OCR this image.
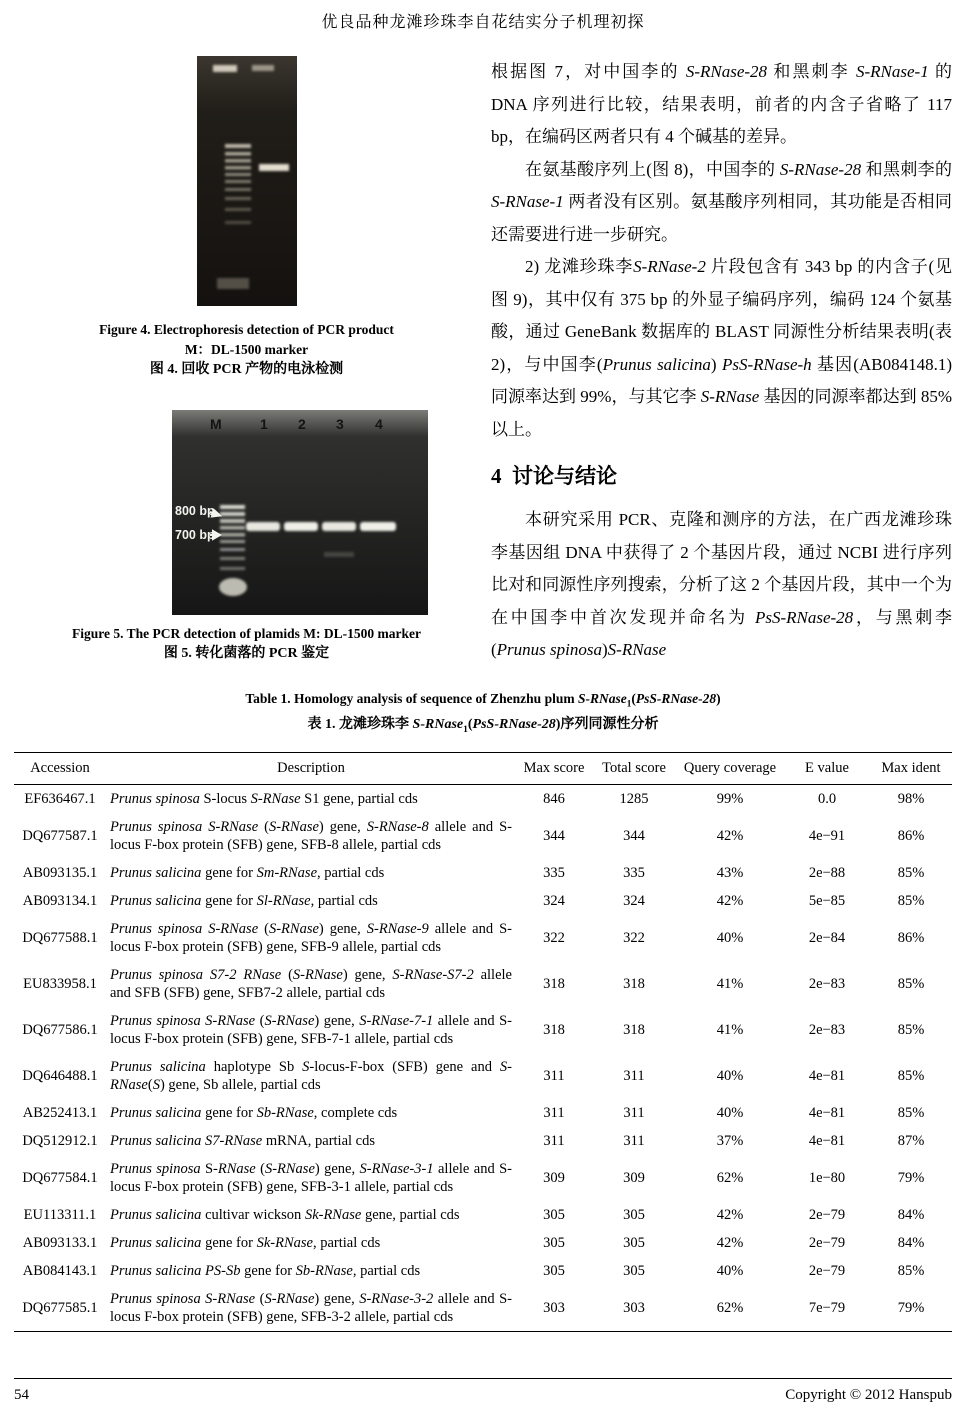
优良品种龙滩珍珠李自花结实分子机理初探
Figure 4. Electrophoresis detection of PCR product
M：DL-1500 marker
图 4. 回收 PCR 产物的电泳检测
M	1 2 3 4
800 bp
700 bp
Figure 5. The PCR detection of plamids M: DL-1500 marker
图 5. 转化菌落的 PCR 鉴定

根据图 7，对中国李的 S-RNase-28 和黑刺李 S-RNase-1 的 DNA 序列进行比较，结果表明，前者的内含子省略了 117 bp，在编码区两者只有 4 个碱基的差异。

在氨基酸序列上(图 8)，中国李的 S-RNase-28 和黑刺李的 S-RNase-1 两者没有区别。氨基酸序列相同，其功能是否相同还需要进行进一步研究。

2) 龙滩珍珠李S-RNase-2 片段包含有 343 bp 的内含子(见图 9)，其中仅有 375 bp 的外显子编码序列，编码 124 个氨基酸，通过 GeneBank 数据库的 BLAST 同源性分析结果表明(表 2)，与中国李(Prunus salicina) PsS-RNase-h 基因(AB084148.1)同源率达到 99%，与其它李 S-RNase 基因的同源率都达到 85%以上。

4  讨论与结论

本研究采用 PCR、克隆和测序的方法，在广西龙滩珍珠李基因组 DNA 中获得了 2 个基因片段，通过 NCBI 进行序列比对和同源性序列搜索，分析了这 2 个基因片段，其中一个为在中国李中首次发现并命名为 PsS-RNase-28，与黑刺李(Prunus spinosa)S-RNase

Table 1. Homology analysis of sequence of Zhenzhu plum S-RNase$_1$(PsS-RNase-28)
表 1. 龙滩珍珠李 S-RNase$_1$(PsS-RNase-28)序列同源性分析
Accession	Description	Max score	Total score	Query coverage	E value	Max ident
EF636467.1	Prunus spinosa S-locus S-RNase S1 gene, partial cds	846	1285	99%	0.0	98%
DQ677587.1	Prunus spinosa S-RNase (S-RNase) gene, S-RNase-8 allele and S-locus F-box protein (SFB) gene, SFB-8 allele, partial cds	344	344	42%	4e−91	86%
AB093135.1	Prunus salicina gene for Sm-RNase, partial cds	335	335	43%	2e−88	85%
AB093134.1	Prunus salicina gene for Sl-RNase, partial cds	324	324	42%	5e−85	85%
DQ677588.1	Prunus spinosa S-RNase (S-RNase) gene, S-RNase-9 allele and S-locus F-box protein (SFB) gene, SFB-9 allele, partial cds	322	322	40%	2e−84	86%
EU833958.1	Prunus spinosa S7-2 RNase (S-RNase) gene, S-RNase-S7-2 allele and SFB (SFB) gene, SFB7-2 allele, partial cds	318	318	41%	2e−83	85%
DQ677586.1	Prunus spinosa S-RNase (S-RNase) gene, S-RNase-7-1 allele and S-locus F-box protein (SFB) gene, SFB-7-1 allele, partial cds	318	318	41%	2e−83	85%
DQ646488.1	Prunus salicina haplotype Sb S-locus-F-box (SFB) gene and S-RNase(S) gene, Sb allele, partial cds	311	311	40%	4e−81	85%
AB252413.1	Prunus salicina gene for Sb-RNase, complete cds	311	311	40%	4e−81	85%
DQ512912.1	Prunus salicina S7-RNase mRNA, partial cds	311	311	37%	4e−81	87%
DQ677584.1	Prunus spinosa S-RNase (S-RNase) gene, S-RNase-3-1 allele and S-locus F-box protein (SFB) gene, SFB-3-1 allele, partial cds	309	309	62%	1e−80	79%
EU113311.1	Prunus salicina cultivar wickson Sk-RNase gene, partial cds	305	305	42%	2e−79	84%
AB093133.1	Prunus salicina gene for Sk-RNase, partial cds	305	305	42%	2e−79	84%
AB084143.1	Prunus salicina PS-Sb gene for Sb-RNase, partial cds	305	305	40%	2e−79	85%
DQ677585.1	Prunus spinosa S-RNase (S-RNase) gene, S-RNase-3-2 allele and S-locus F-box protein (SFB) gene, SFB-3-2 allele, partial cds	303	303	62%	7e−79	79%
54	Copyright © 2012 Hanspub
